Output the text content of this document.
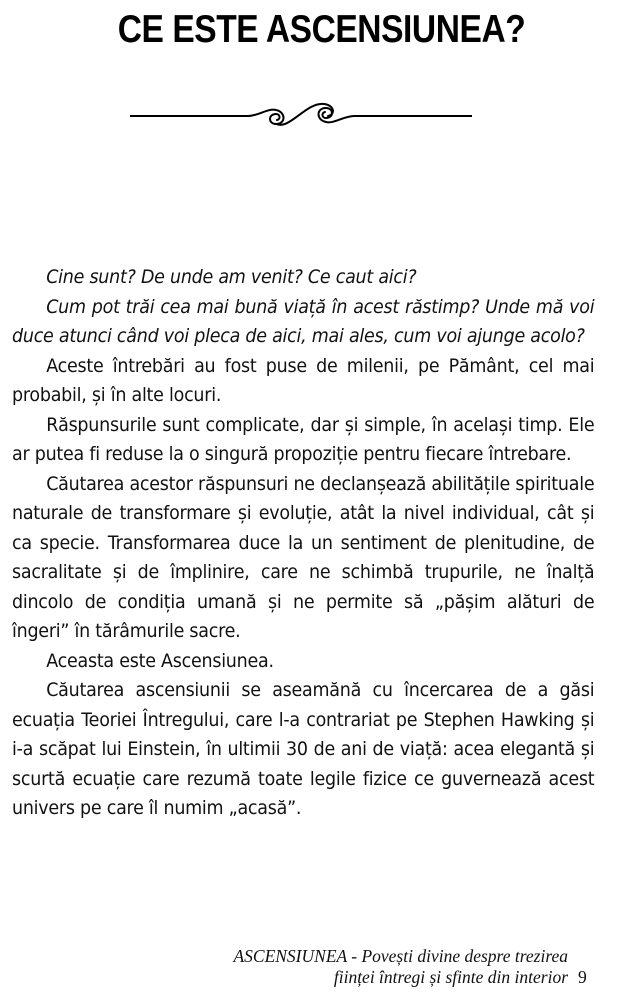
CE ESTE ASCENSIUNEA?

Cine sunt? De unde am venit? Ce caut aici?

Cum pot trăi cea mai bună viață în acest răstimp? Unde mă voi duce atunci când voi pleca de aici, mai ales, cum voi ajunge acolo?

Aceste întrebări au fost puse de milenii, pe Pământ, cel mai probabil, și în alte locuri.

Răspunsurile sunt complicate, dar și simple, în același timp. Ele ar putea fi reduse la o singură propoziție pentru fiecare întrebare.

Căutarea acestor răspunsuri ne declanșează abilitățile spirituale naturale de transformare și evoluție, atât la nivel individual, cât și ca specie. Transformarea duce la un sentiment de plenitudine, de sacralitate și de împlinire, care ne schimbă trupurile, ne înalță dincolo de condiția umană și ne permite să „pășim alături de îngeri” în tărâmurile sacre.

Aceasta este Ascensiunea.

Căutarea ascensiunii se aseamănă cu încercarea de a găsi ecuația Teoriei Întregului, care l-a contrariat pe Stephen Hawking și i-a scăpat lui Einstein, în ultimii 30 de ani de viață: acea elegantă și scurtă ecuație care rezumă toate legile fizice ce guvernează acest univers pe care îl numim „acasă”.

ASCENSIUNEA - Povești divine despre trezirea
ființei întregi și sfinte din interior 9
